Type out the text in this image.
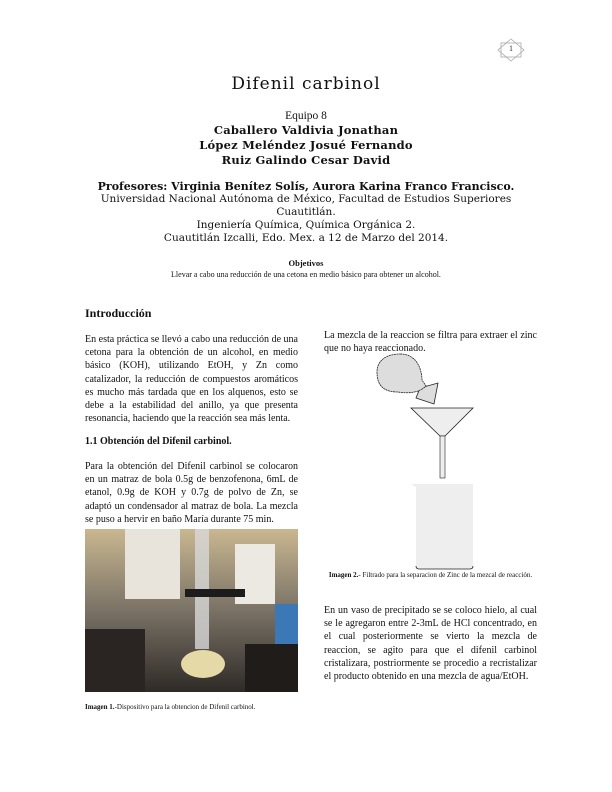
1
Difenil carbinol
Equipo 8
Caballero Valdivia Jonathan
López Meléndez Josué Fernando
Ruiz Galindo Cesar David
Profesores: Virginia Benítez Solís, Aurora Karina Franco Francisco.
Universidad Nacional Autónoma de México, Facultad de Estudios Superiores
Cuautitlán.
Ingeniería Química, Química Orgánica 2.
Cuautitlán Izcalli, Edo. Mex. a 12 de Marzo del 2014.
Objetivos
Llevar a cabo una reducción de una cetona en medio básico para obtener un alcohol.
Introducción

En esta práctica se llevó a cabo una reducción de una cetona para la obtención de un alcohol, en medio básico (KOH), utilizando EtOH, y Zn como catalizador, la reducción de compuestos aromáticos es mucho más tardada que en los alquenos, esto se debe a la estabilidad del anillo, ya que presenta resonancia, haciendo que la reacción sea más lenta.

1.1 Obtención del Difenil carbinol.

Para la obtención del Difenil carbinol se colocaron en un matraz de bola 0.5g de benzofenona, 6mL de etanol, 0.9g de KOH y 0.7g de polvo de Zn, se adaptó un condensador al matraz de bola. La mezcla se puso a hervir en baño María durante 75 min.

Imagen 1.-Dispositivo para la obtencion de Difenil carbinol.

La mezcla de la reaccion se filtra para extraer el zinc que no haya reaccionado.

Imagen 2.- Filtrado para la separacion de Zinc de la mezcal de reacción.

En un vaso de precipitado se se coloco hielo, al cual se le agregaron entre 2-3mL de HCl concentrado, en el cual posteriormente se vierto la mezcla de reaccion, se agito para que el difenil carbinol cristalizara, postriormente se procedio a recristalizar el producto obtenido en una mezcla de agua/EtOH.
